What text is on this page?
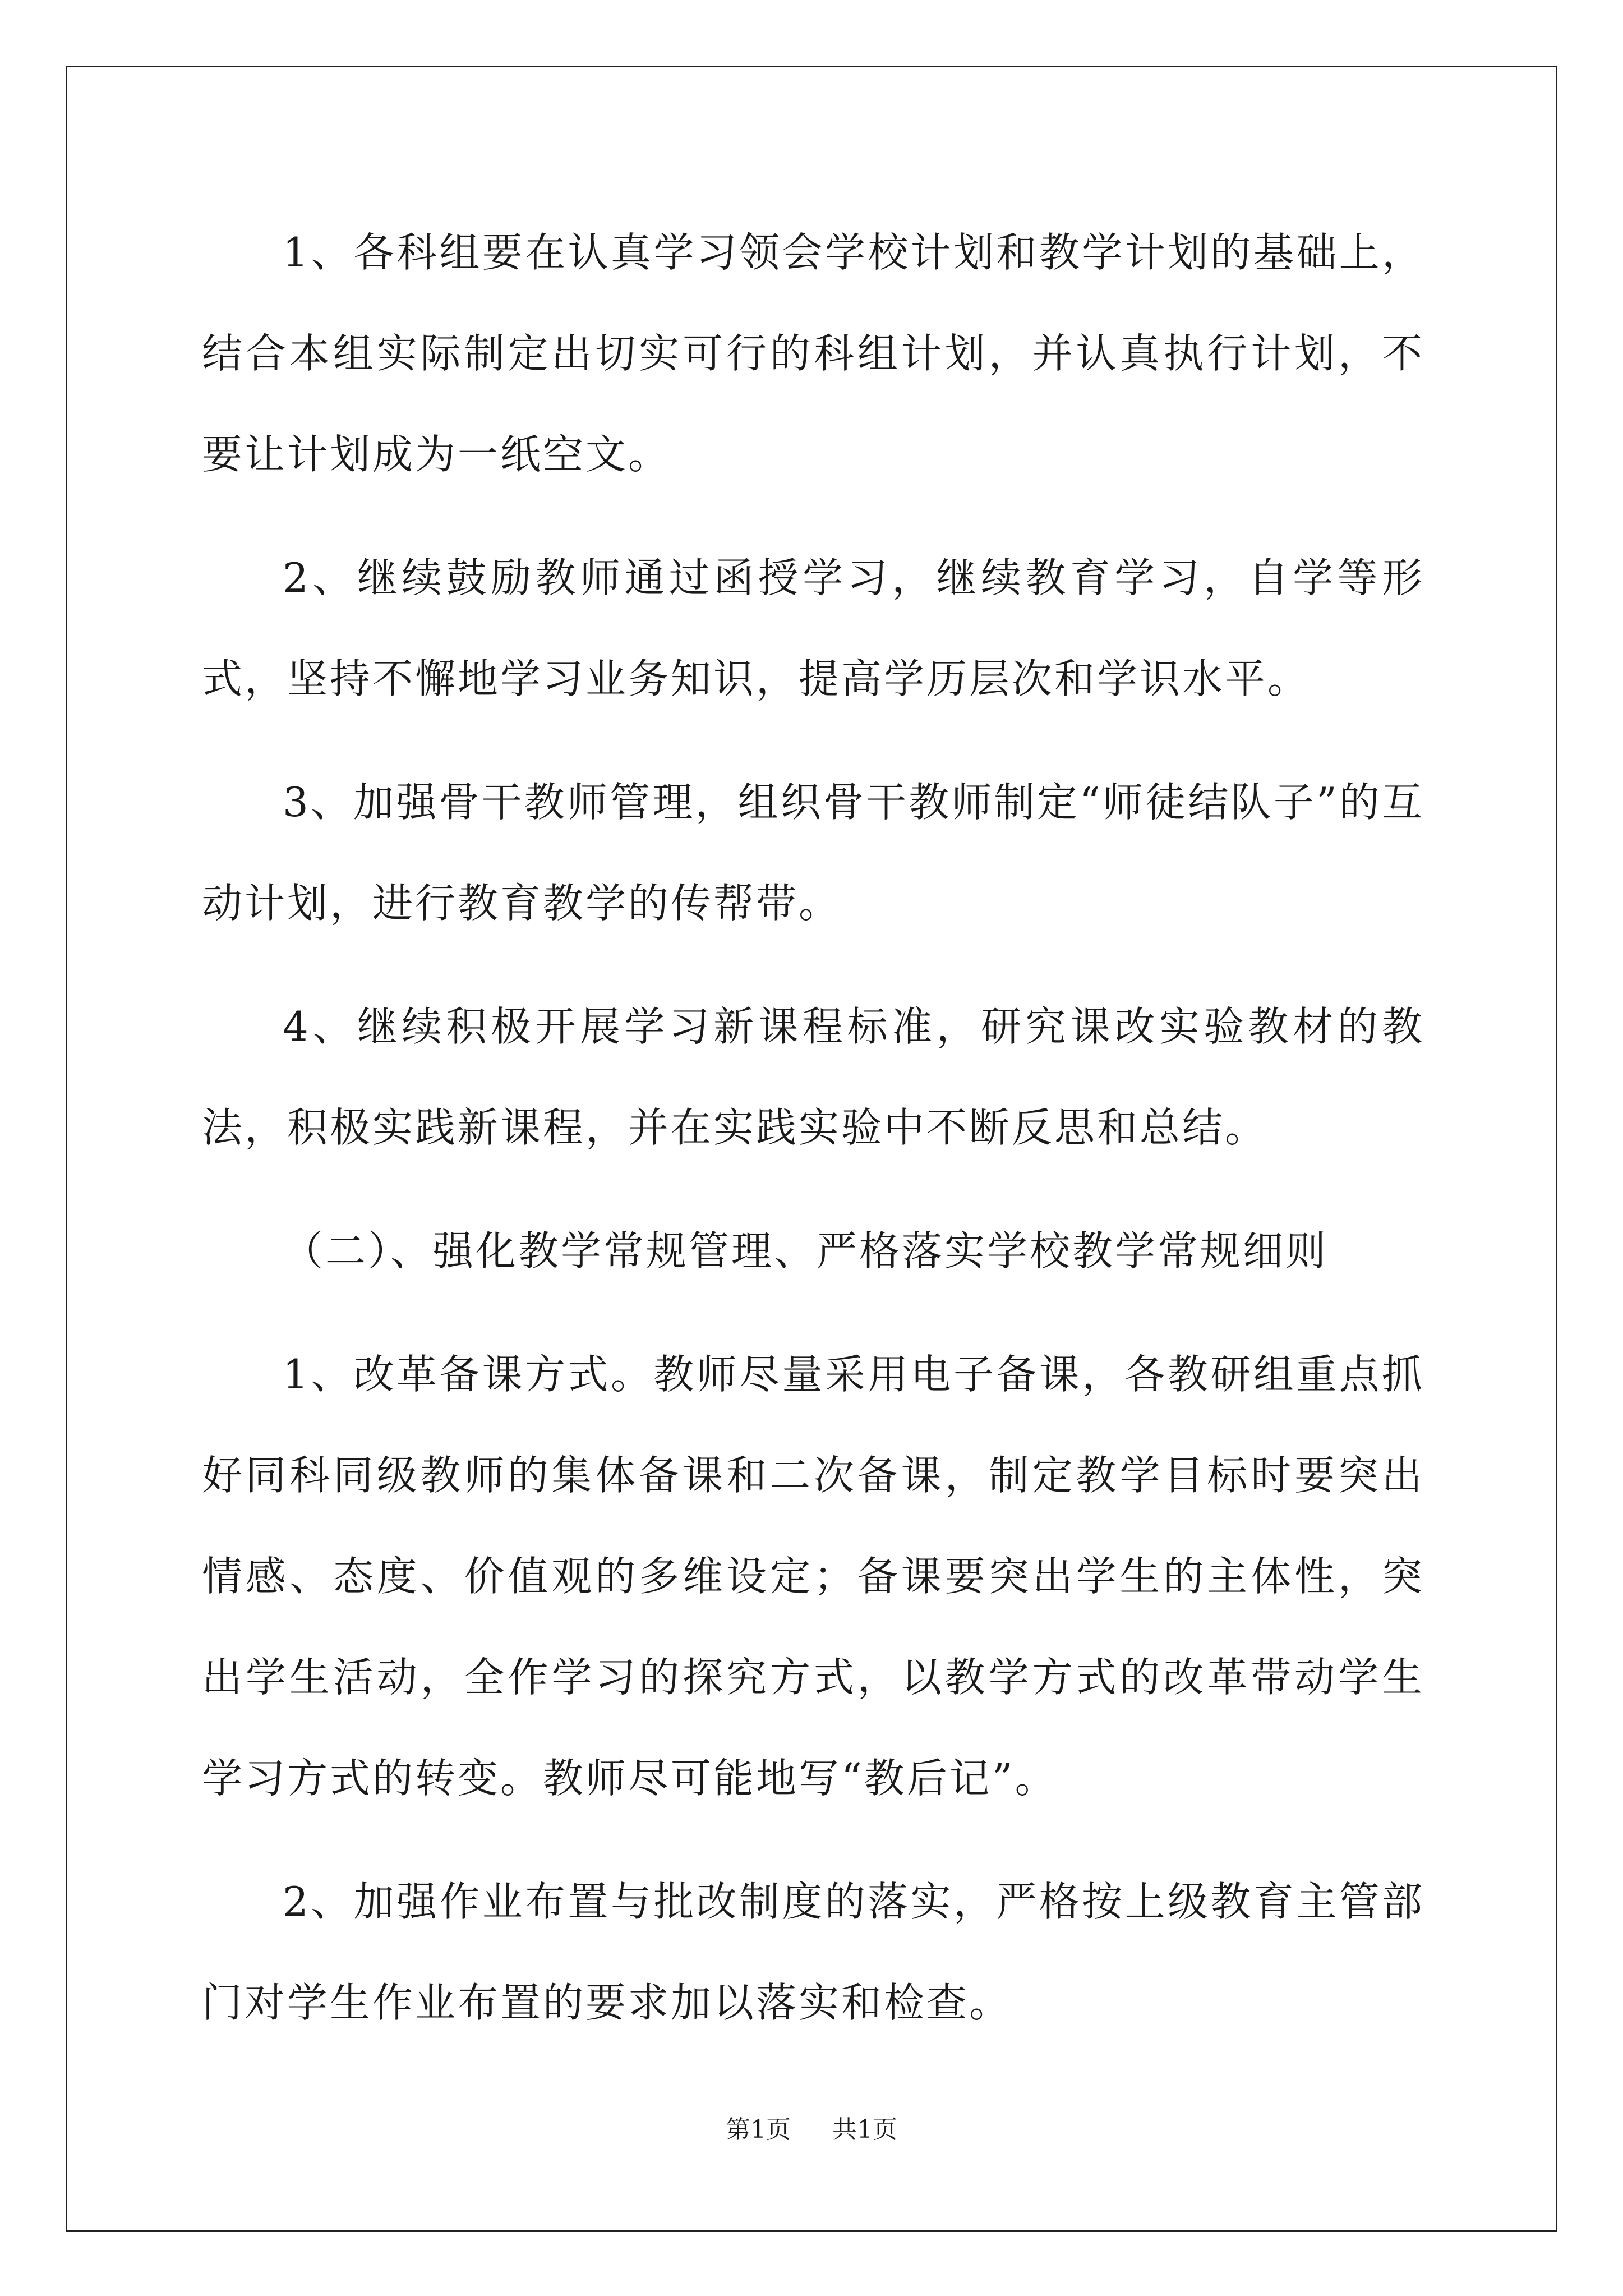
1、各科组要在认真学习领会学校计划和教学计划的基础上，结合本组实际制定出切实可行的科组计划，并认真执行计划，不要让计划成为一纸空文。

2、继续鼓励教师通过函授学习，继续教育学习，自学等形式，坚持不懈地学习业务知识，提高学历层次和学识水平。

3、加强骨干教师管理，组织骨干教师制定“师徒结队子”的互动计划，进行教育教学的传帮带。

4、继续积极开展学习新课程标准，研究课改实验教材的教法，积极实践新课程，并在实践实验中不断反思和总结。

（二）、强化教学常规管理、严格落实学校教学常规细则

1、改革备课方式。教师尽量采用电子备课，各教研组重点抓好同科同级教师的集体备课和二次备课，制定教学目标时要突出情感、态度、价值观的多维设定；备课要突出学生的主体性，突出学生活动，全作学习的探究方式，以教学方式的改革带动学生学习方式的转变。教师尽可能地写“教后记”。

2、加强作业布置与批改制度的落实，严格按上级教育主管部门对学生作业布置的要求加以落实和检查。

第1页 共1页
